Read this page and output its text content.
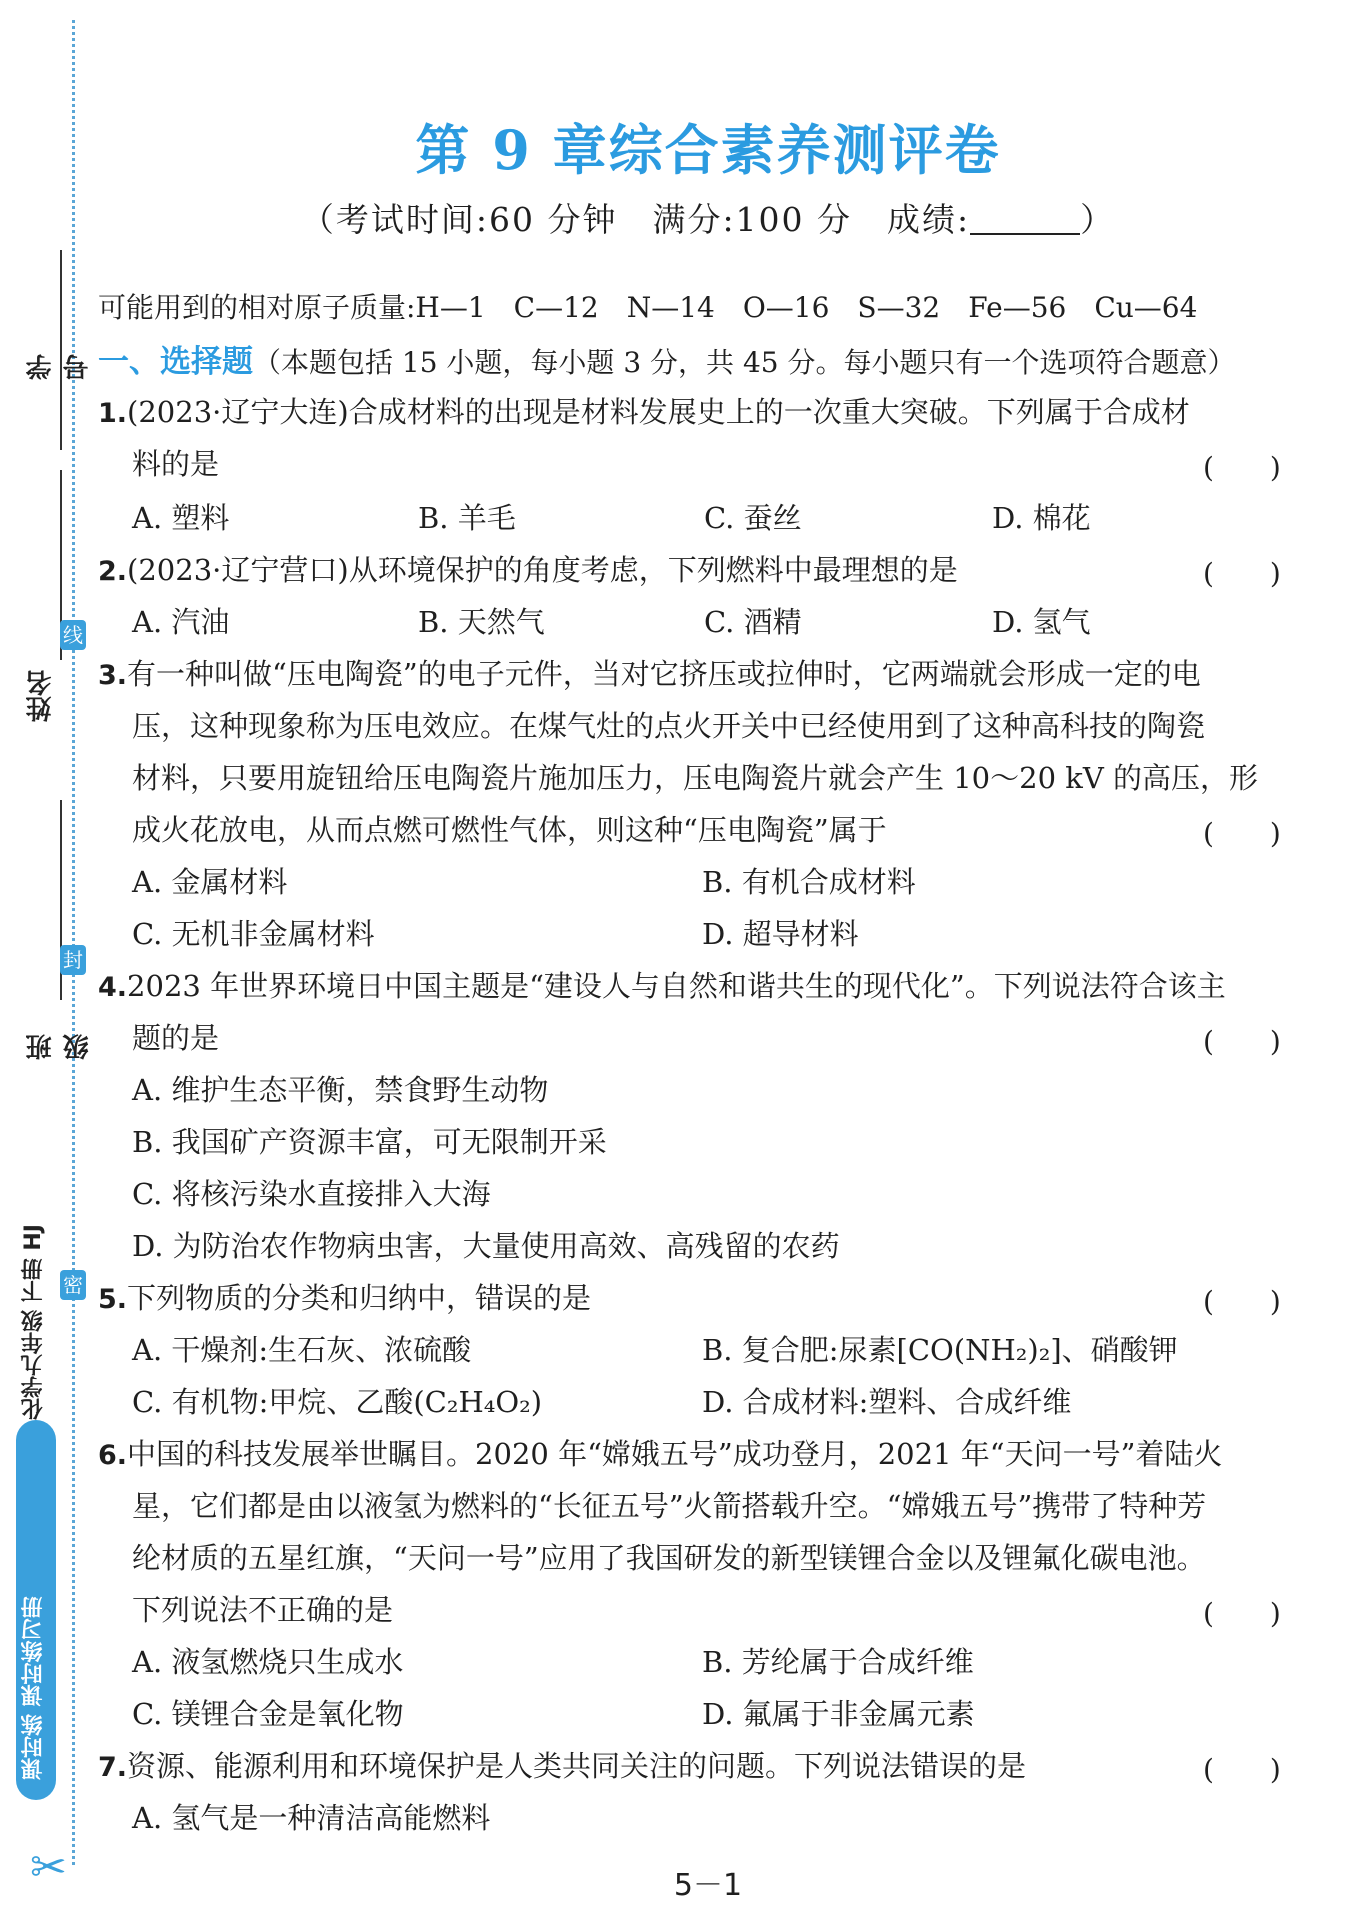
学号
姓名
班级
线
封
密
化学九年级 下册 HJ
课时练 课时练习册
✂
第 9 章综合素养测评卷
（考试时间:60 分钟　满分:100 分　成绩:	）
可能用到的相对原子质量:H—1　C—12　N—14　O—16　S—32　Fe—56　Cu—64
一、选择题（本题包括 15 小题，每小题 3 分，共 45 分。每小题只有一个选项符合题意）
1.(2023·辽宁大连)合成材料的出现是材料发展史上的一次重大突破。下列属于合成材
料的是	(　　)
A. 塑料	B. 羊毛	C. 蚕丝	D. 棉花
2.(2023·辽宁营口)从环境保护的角度考虑，下列燃料中最理想的是	(　　)
A. 汽油	B. 天然气	C. 酒精	D. 氢气
3.有一种叫做“压电陶瓷”的电子元件，当对它挤压或拉伸时，它两端就会形成一定的电
压，这种现象称为压电效应。在煤气灶的点火开关中已经使用到了这种高科技的陶瓷
材料，只要用旋钮给压电陶瓷片施加压力，压电陶瓷片就会产生 10～20 kV 的高压，形
成火花放电，从而点燃可燃性气体，则这种“压电陶瓷”属于	(　　)
A. 金属材料	B. 有机合成材料
C. 无机非金属材料	D. 超导材料
4.2023 年世界环境日中国主题是“建设人与自然和谐共生的现代化”。下列说法符合该主
题的是	(　　)
A. 维护生态平衡，禁食野生动物
B. 我国矿产资源丰富，可无限制开采
C. 将核污染水直接排入大海
D. 为防治农作物病虫害，大量使用高效、高残留的农药
5.下列物质的分类和归纳中，错误的是	(　　)
A. 干燥剂:生石灰、浓硫酸	B. 复合肥:尿素[CO(NH₂)₂]、硝酸钾
C. 有机物:甲烷、乙酸(C₂H₄O₂)	D. 合成材料:塑料、合成纤维
6.中国的科技发展举世瞩目。2020 年“嫦娥五号”成功登月，2021 年“天问一号”着陆火
星，它们都是由以液氢为燃料的“长征五号”火箭搭载升空。“嫦娥五号”携带了特种芳
纶材质的五星红旗，“天问一号”应用了我国研发的新型镁锂合金以及锂氟化碳电池。
下列说法不正确的是	(　　)
A. 液氢燃烧只生成水	B. 芳纶属于合成纤维
C. 镁锂合金是氧化物	D. 氟属于非金属元素
7.资源、能源利用和环境保护是人类共同关注的问题。下列说法错误的是	(　　)
A. 氢气是一种清洁高能燃料
5－1
